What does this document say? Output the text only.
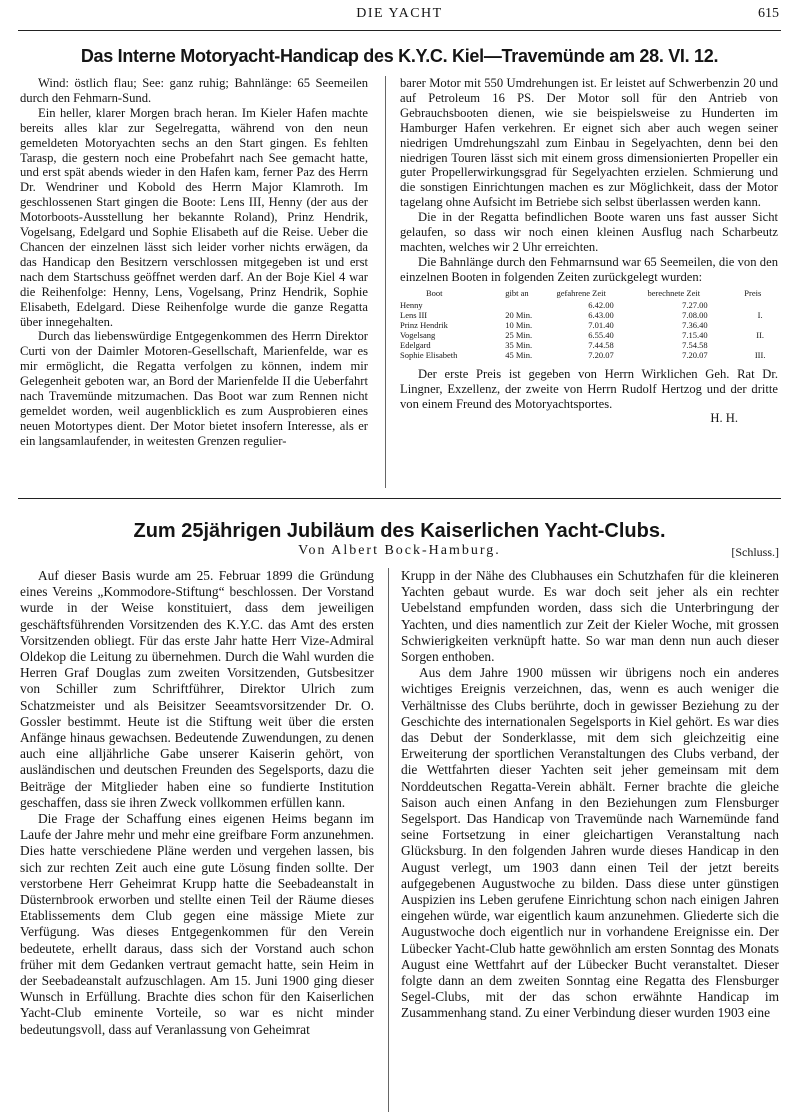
DIE YACHT	615
Das Interne Motoryacht-Handicap des K.Y.C. Kiel—Travemünde am 28. VI. 12.

Wind: östlich flau; See: ganz ruhig; Bahnlänge: 65 Seemeilen durch den Fehmarn-Sund.

Ein heller, klarer Morgen brach heran. Im Kieler Hafen machte bereits alles klar zur Segelregatta, während von den neun gemeldeten Motoryachten sechs an den Start gingen. Es fehlten Tarasp, die gestern noch eine Probefahrt nach See gemacht hatte, und erst spät abends wieder in den Hafen kam, ferner Paz des Herrn Dr. Wendriner und Kobold des Herrn Major Klamroth. Im geschlossenen Start gingen die Boote: Lens III, Henny (der aus der Motorboots-Ausstellung her bekannte Roland), Prinz Hendrik, Vogelsang, Edelgard und Sophie Elisabeth auf die Reise. Ueber die Chancen der einzelnen lässt sich leider vorher nichts erwägen, da das Handicap den Besitzern verschlossen mitgegeben ist und erst nach dem Startschuss geöffnet werden darf. An der Boje Kiel 4 war die Reihenfolge: Henny, Lens, Vogelsang, Prinz Hendrik, Sophie Elisabeth, Edelgard. Diese Reihenfolge wurde die ganze Regatta über innegehalten.

Durch das liebenswürdige Entgegenkommen des Herrn Direktor Curti von der Daimler Motoren-Gesellschaft, Marienfelde, war es mir ermöglicht, die Regatta verfolgen zu können, indem mir Gelegenheit geboten war, an Bord der Marienfelde II die Ueberfahrt nach Travemünde mitzumachen. Das Boot war zum Rennen nicht gemeldet worden, weil augenblicklich es zum Ausprobieren eines neuen Motortypes dient. Der Motor bietet insofern Interesse, als er ein langsamlaufender, in weitesten Grenzen regulier-

barer Motor mit 550 Umdrehungen ist. Er leistet auf Schwerbenzin 20 und auf Petroleum 16 PS. Der Motor soll für den Antrieb von Gebrauchsbooten dienen, wie sie beispielsweise zu Hunderten im Hamburger Hafen verkehren. Er eignet sich aber auch wegen seiner niedrigen Umdrehungszahl zum Einbau in Segelyachten, denn bei den niedrigen Touren lässt sich mit einem gross dimensionierten Propeller ein guter Propellerwirkungsgrad für Segelyachten erzielen. Schmierung und die sonstigen Einrichtungen machen es zur Möglichkeit, dass der Motor tagelang ohne Aufsicht im Betriebe sich selbst überlassen werden kann.

Die in der Regatta befindlichen Boote waren uns fast ausser Sicht gelaufen, so dass wir noch einen kleinen Ausflug nach Scharbeutz machten, welches wir 2 Uhr erreichten.

Die Bahnlänge durch den Fehmarnsund war 65 Seemeilen, die von den einzelnen Booten in folgenden Zeiten zurückgelegt wurden:

Boot	gibt an	gefahrene Zeit	berechnete Zeit	Preis
Henny		6.42.00	7.27.00	
Lens III	20 Min.	6.43.00	7.08.00	I.
Prinz Hendrik	10 Min.	7.01.40	7.36.40	
Vogelsang	25 Min.	6.55.40	7.15.40	II.
Edelgard	35 Min.	7.44.58	7.54.58	
Sophie Elisabeth	45 Min.	7.20.07	7.20.07	III.

Der erste Preis ist gegeben von Herrn Wirklichen Geh. Rat Dr. Lingner, Exzellenz, der zweite von Herrn Rudolf Hertzog und der dritte von einem Freund des Motoryachtsportes.

H. H.
Zum 25jährigen Jubiläum des Kaiserlichen Yacht-Clubs.
Von Albert Bock-Hamburg.	[Schluss.]

Auf dieser Basis wurde am 25. Februar 1899 die Gründung eines Vereins „Kommodore-Stiftung“ beschlossen. Der Vorstand wurde in der Weise konstituiert, dass dem jeweiligen geschäftsführenden Vorsitzenden des K.Y.C. das Amt des ersten Vorsitzenden obliegt. Für das erste Jahr hatte Herr Vize-Admiral Oldekop die Leitung zu übernehmen. Durch die Wahl wurden die Herren Graf Douglas zum zweiten Vorsitzenden, Gutsbesitzer von Schiller zum Schriftführer, Direktor Ulrich zum Schatzmeister und als Beisitzer Seeamtsvorsitzender Dr. O. Gossler bestimmt. Heute ist die Stiftung weit über die ersten Anfänge hinaus gewachsen. Bedeutende Zuwendungen, zu denen auch eine alljährliche Gabe unserer Kaiserin gehört, von ausländischen und deutschen Freunden des Segelsports, dazu die Beiträge der Mitglieder haben eine so fundierte Institution geschaffen, dass sie ihren Zweck vollkommen erfüllen kann.

Die Frage der Schaffung eines eigenen Heims begann im Laufe der Jahre mehr und mehr eine greifbare Form anzunehmen. Dies hatte verschiedene Pläne werden und vergehen lassen, bis sich zur rechten Zeit auch eine gute Lösung finden sollte. Der verstorbene Herr Geheimrat Krupp hatte die Seebadeanstalt in Düsternbrook erworben und stellte einen Teil der Räume dieses Etablissements dem Club gegen eine mässige Miete zur Verfügung. Was dieses Entgegenkommen für den Verein bedeutete, erhellt daraus, dass sich der Vorstand auch schon früher mit dem Gedanken vertraut gemacht hatte, sein Heim in der Seebadeanstalt aufzuschlagen. Am 15. Juni 1900 ging dieser Wunsch in Erfüllung. Brachte dies schon für den Kaiserlichen Yacht-Club eminente Vorteile, so war es nicht minder bedeutungsvoll, dass auf Veranlassung von Geheimrat

Krupp in der Nähe des Clubhauses ein Schutzhafen für die kleineren Yachten gebaut wurde. Es war doch seit jeher als ein rechter Uebelstand empfunden worden, dass sich die Unterbringung der Yachten, und dies namentlich zur Zeit der Kieler Woche, mit grossen Schwierigkeiten verknüpft hatte. So war man denn nun auch dieser Sorgen enthoben.

Aus dem Jahre 1900 müssen wir übrigens noch ein anderes wichtiges Ereignis verzeichnen, das, wenn es auch weniger die Verhältnisse des Clubs berührte, doch in gewisser Beziehung zu der Geschichte des internationalen Segelsports in Kiel gehört. Es war dies das Debut der Sonderklasse, mit dem sich gleichzeitig eine Erweiterung der sportlichen Veranstaltungen des Clubs verband, der die Wettfahrten dieser Yachten seit jeher gemeinsam mit dem Norddeutschen Regatta-Verein abhält. Ferner brachte die gleiche Saison auch einen Anfang in den Beziehungen zum Flensburger Segelsport. Das Handicap von Travemünde nach Warnemünde fand seine Fortsetzung in einer gleichartigen Veranstaltung nach Glücksburg. In den folgenden Jahren wurde dieses Handicap in den August verlegt, um 1903 dann einen Teil der jetzt bereits aufgegebenen Augustwoche zu bilden. Dass diese unter günstigen Auspizien ins Leben gerufene Einrichtung schon nach einigen Jahren eingehen würde, war eigentlich kaum anzunehmen. Gliederte sich die Augustwoche doch eigentlich nur in vorhandene Ereignisse ein. Der Lübecker Yacht-Club hatte gewöhnlich am ersten Sonntag des Monats August eine Wettfahrt auf der Lübecker Bucht veranstaltet. Dieser folgte dann an dem zweiten Sonntag eine Regatta des Flensburger Segel-Clubs, mit der das schon erwähnte Handicap im Zusammenhang stand. Zu einer Verbindung dieser wurden 1903 eine
